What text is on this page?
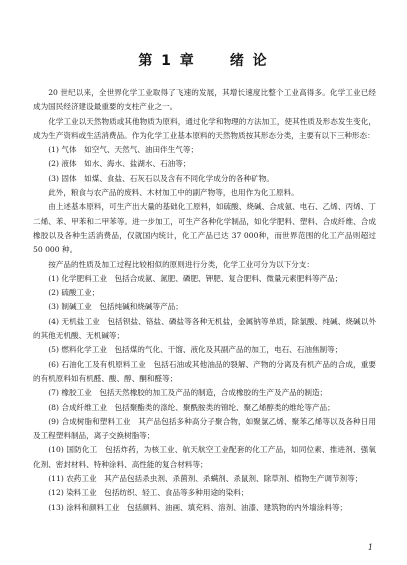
第 1 章 绪 论

20 世纪以来，全世界化学工业取得了飞速的发展，其增长速度比整个工业高得多。化学工业已经成为国民经济建设最重要的支柱产业之一。

化学工业以天然物质或其他物质为原料，通过化学和物理的方法加工，使其性质及形态发生变化，成为生产资料或生活消费品。作为化学工业基本原料的天然物质按其形态分类，主要有以下三种形态：

(1) 气体　如空气、天然气、油田伴生气等；

(2) 液体　如水、海水、盐湖水、石油等；

(3) 固体　如煤、食盐、石灰石以及含有不同化学成分的各种矿物。

此外，粮食与农产品的废料、木材加工中的副产物等，也用作为化工原料。

由上述基本原料，可生产出大量的基础化工原料，如硫酸、烧碱、合成氨、电石、乙烯、丙烯、丁二烯、苯、甲苯和二甲苯等。进一步加工，可生产各种化学制品，如化学肥料、塑料、合成纤维、合成橡胶以及各种生活消费品，仅就国内统计，化工产品已达 37 000种，而世界范围的化工产品则超过 50 000 种。

按产品的性质及加工过程比较相似的原则进行分类，化学工业可分为以下分支：

(1) 化学肥料工业　包括合成氨、氮肥、磷肥、钾肥、复合肥料、微量元素肥料等产品；

(2) 硫酸工业；

(3) 制碱工业　包括纯碱和烧碱等产品；

(4) 无机盐工业　包括钡盐、铬盐、磷盐等各种无机盐，金属钠等单质，除氯酸、纯碱、烧碱以外的其他无机酸、无机碱等；

(5) 燃料化学工业　包括煤的气化、干馏、液化及其副产品的加工，电石、石油焦制等；

(6) 石油化工及有机原料工业　包括石油或其他油品的裂解、产物的分离及有机产品的合成，重要的有机原料如有机醛、酸、醇、酮和醛等；

(7) 橡胶工业　包括天然橡胶的加工及产品的制造，合成橡胶的生产及产品的制造；

(8) 合成纤维工业　包括聚酯类的涤纶、聚酰胺类的锦纶、聚乙烯醇类的维纶等产品；

(9) 合成树脂和塑料工业　其产品包括多种高分子聚合物，如聚氯乙烯、聚苯乙烯等以及各种日用及工程塑料制品，离子交换树脂等；

(10) 国防化工　包括炸药，为核工业、航天航空工业配套的化工产品，如同位素、推进剂、强氧化剂、密封材料、特种涂料、高性能的复合材料等；

(11) 农药工业　其产品包括杀虫剂、杀菌剂、杀螨剂、杀鼠剂、除草剂、植物生产调节剂等；

(12) 染料工业　包括纺织、轻工、食品等多种用途的染料；

(13) 涂料和颜料工业　包括颜料、油画、填充料、溶剂、油漆、建筑物的内外墙涂料等；

1
